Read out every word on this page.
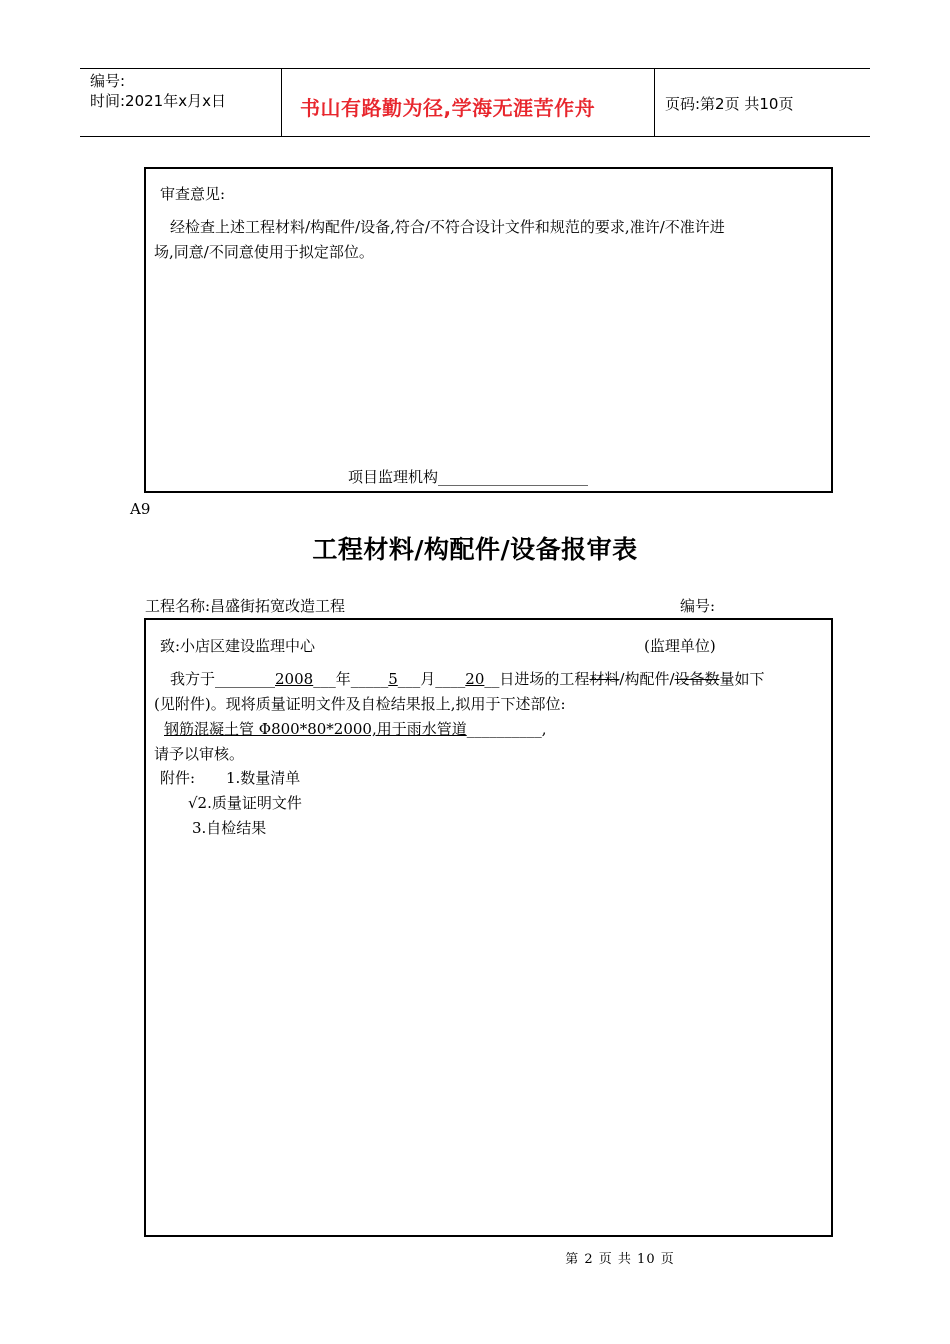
编号:
时间:2021年x月x日	书山有路勤为径,学海无涯苦作舟	页码:第2页 共10页
审查意见:
经检查上述工程材料/构配件/设备,符合/不符合设计文件和规范的要求,准许/不准许进
场,同意/不同意使用于拟定部位。
项目监理机构____________________
A9
工程材料/构配件/设备报审表
工程名称:昌盛街拓宽改造工程	编号:
致:小店区建设监理中心	(监理单位)
我方于________2008___年_____5___月____20__日进场的工程材料/构配件/设备数量如下
(见附件)。现将质量证明文件及自检结果报上,拟用于下述部位:
钢筋混凝土管 Φ800*80*2000,用于雨水管道__________,
请予以审核。
附件: 1.数量清单
√2.质量证明文件
3.自检结果
第 2 页 共 10 页
